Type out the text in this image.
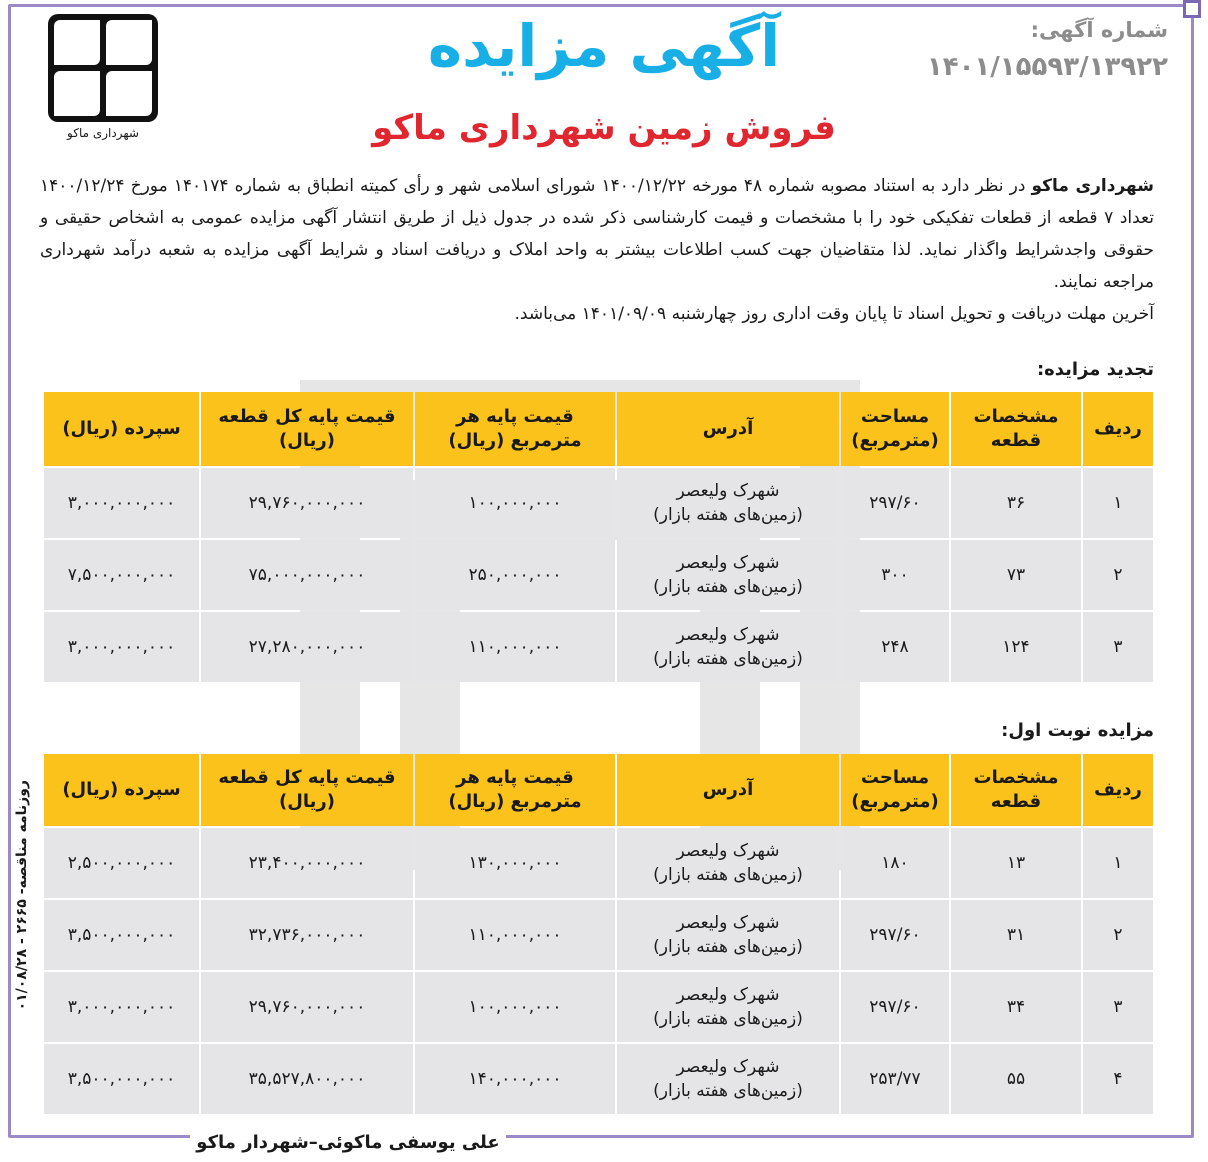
شماره آگهی:
۱۴۰۱/۱۵۵۹۳/۱۳۹۲۲
آگهی مزایده
فروش زمین شهرداری ماکو
شهرداری ماکو
شهرداری ماکو در نظر دارد به استناد مصوبه شماره ۴۸ مورخه ۱۴۰۰/۱۲/۲۲ شورای اسلامی شهر و رأی کمیته انطباق به شماره ۱۴۰۱۷۴ مورخ ۱۴۰۰/۱۲/۲۴ تعداد ۷ قطعه از قطعات تفکیکی خود را با مشخصات و قیمت کارشناسی ذکر شده در جدول ذیل از طریق انتشار آگهی مزایده عمومی به اشخاص حقیقی و حقوقی واجدشرایط واگذار نماید. لذا متقاضیان جهت کسب اطلاعات بیشتر به واحد املاک و دریافت اسناد و شرایط آگهی مزایده به شعبه درآمد شهرداری مراجعه نمایند.
آخرین مهلت دریافت و تحویل اسناد تا پایان وقت اداری روز چهارشنبه ۱۴۰۱/۰۹/۰۹ می‌باشد.
تجدید مزایده:
ردیف	مشخصات قطعه	مساحت (مترمربع)	آدرس	قیمت پایه هر مترمربع (ریال)	قیمت پایه کل قطعه (ریال)	سپرده (ریال)
۱	۳۶	۲۹۷/۶۰	شهرک ولیعصر
(زمین‌های هفته بازار)	۱۰۰,۰۰۰,۰۰۰	۲۹,۷۶۰,۰۰۰,۰۰۰	۳,۰۰۰,۰۰۰,۰۰۰
۲	۷۳	۳۰۰	شهرک ولیعصر
(زمین‌های هفته بازار)	۲۵۰,۰۰۰,۰۰۰	۷۵,۰۰۰,۰۰۰,۰۰۰	۷,۵۰۰,۰۰۰,۰۰۰
۳	۱۲۴	۲۴۸	شهرک ولیعصر
(زمین‌های هفته بازار)	۱۱۰,۰۰۰,۰۰۰	۲۷,۲۸۰,۰۰۰,۰۰۰	۳,۰۰۰,۰۰۰,۰۰۰
مزایده نوبت اول:
ردیف	مشخصات قطعه	مساحت (مترمربع)	آدرس	قیمت پایه هر مترمربع (ریال)	قیمت پایه کل قطعه (ریال)	سپرده (ریال)
۱	۱۳	۱۸۰	شهرک ولیعصر
(زمین‌های هفته بازار)	۱۳۰,۰۰۰,۰۰۰	۲۳,۴۰۰,۰۰۰,۰۰۰	۲,۵۰۰,۰۰۰,۰۰۰
۲	۳۱	۲۹۷/۶۰	شهرک ولیعصر
(زمین‌های هفته بازار)	۱۱۰,۰۰۰,۰۰۰	۳۲,۷۳۶,۰۰۰,۰۰۰	۳,۵۰۰,۰۰۰,۰۰۰
۳	۳۴	۲۹۷/۶۰	شهرک ولیعصر
(زمین‌های هفته بازار)	۱۰۰,۰۰۰,۰۰۰	۲۹,۷۶۰,۰۰۰,۰۰۰	۳,۰۰۰,۰۰۰,۰۰۰
۴	۵۵	۲۵۳/۷۷	شهرک ولیعصر
(زمین‌های هفته بازار)	۱۴۰,۰۰۰,۰۰۰	۳۵,۵۲۷,۸۰۰,۰۰۰	۳,۵۰۰,۰۰۰,۰۰۰
روزنامه مناقصه- ۲۶۶۵ - ۰۱/۰۸/۲۸
علی یوسفی ماکوئی–شهردار ماکو
